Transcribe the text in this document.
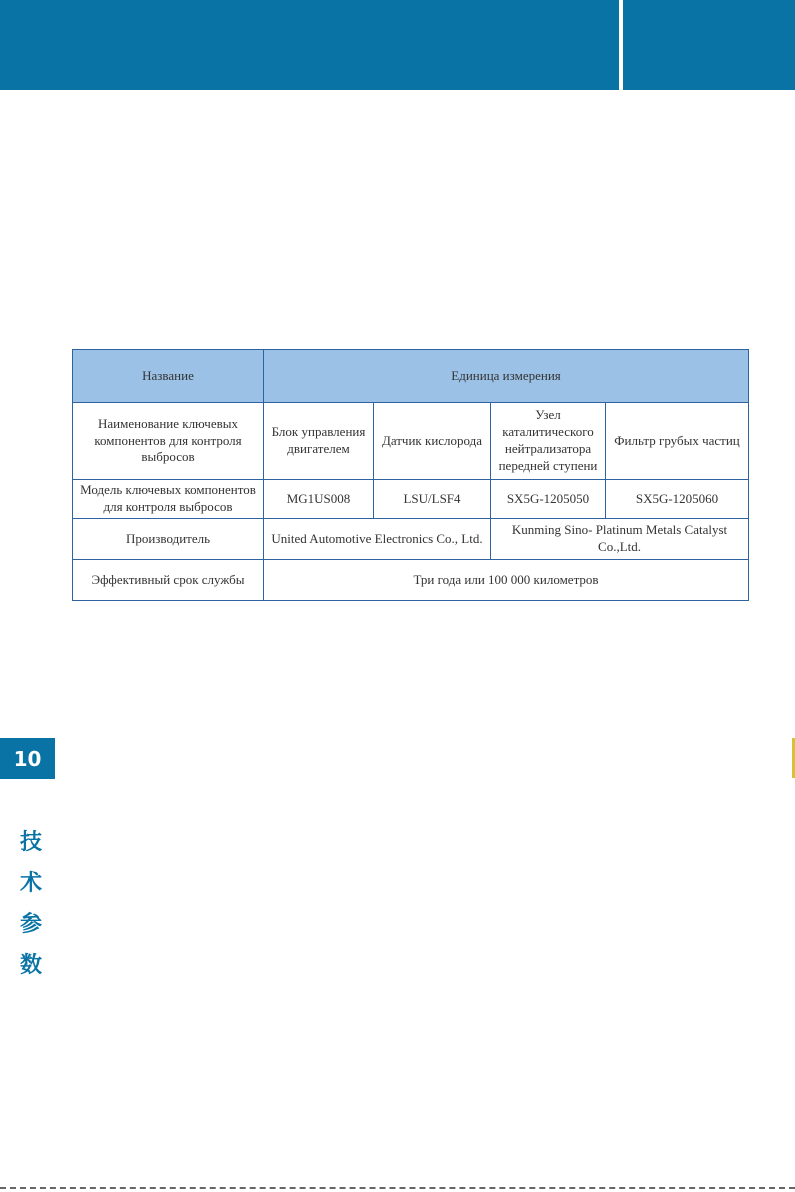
Название	Единица измерения			
Наименование ключевых компонентов для контроля выбросов	Блок управления двигателем	Датчик кислорода	Узел каталитического нейтрализатора передней ступени	Фильтр грубых частиц
Модель ключевых компонентов для контроля выбросов	MG1US008	LSU/LSF4	SX5G-1205050	SX5G-1205060
Производитель	United Automotive Electronics Co., Ltd.		Kunming Sino- Platinum Metals Catalyst Co.,Ltd.	
Эффективный срок службы	Три года или 100 000 километров			
10
技
术
参
数
